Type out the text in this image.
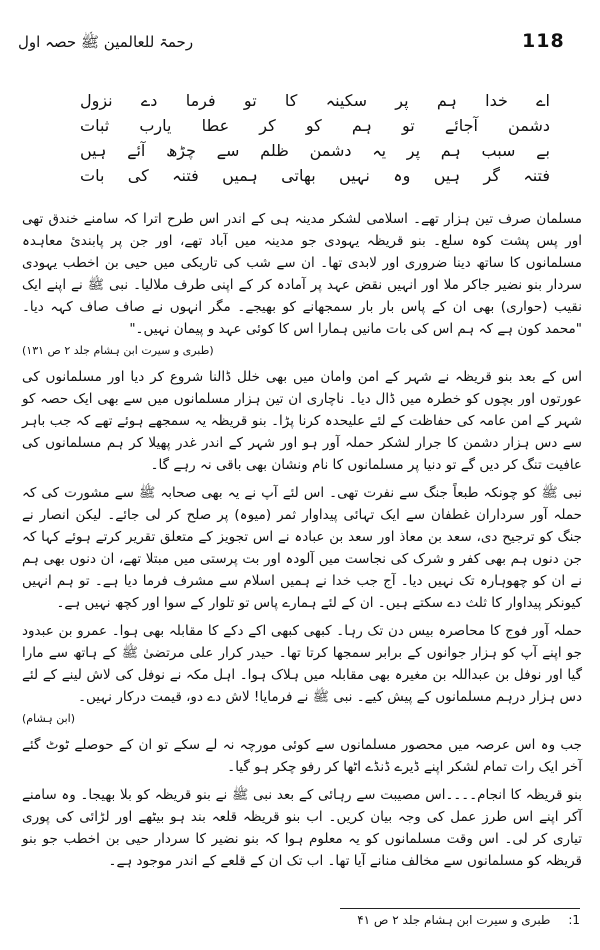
118
رحمۃ للعالمین ﷺ حصہ اول
اے خدا ہم پر سکینہ کا تو فرما دے نزول
دشمن آجائے تو ہم کو کر عطا یارب ثبات
بے سبب ہم پر یہ دشمن ظلم سے چڑھ آئے ہیں
فتنہ گر ہیں وہ نہیں بھاتی ہمیں فتنہ کی بات

مسلمان صرف تین ہزار تھے۔ اسلامی لشکر مدینہ ہی کے اندر اس طرح اترا کہ سامنے خندق تھی اور پس پشت کوہ سلع۔ بنو قریظہ یہودی جو مدینہ میں آباد تھے، اور جن پر پابندئ معاہدہ مسلمانوں کا ساتھ دینا ضروری اور لابدی تھا۔ ان سے شب کی تاریکی میں حیی بن اخطب یہودی سردار بنو نضیر جاکر ملا اور انہیں نقض عہد پر آمادہ کر کے اپنی طرف ملالیا۔ نبی ﷺ نے اپنے ایک نقیب (حواری) بھی ان کے پاس بار بار سمجھانے کو بھیجے۔ مگر انہوں نے صاف صاف کہہ دیا۔ "محمد کون ہے کہ ہم اس کی بات مانیں ہمارا اس کا کوئی عہد و پیمان نہیں۔"

(طبری و سیرت ابن ہشام جلد ۲ ص ۱۳۱)

اس کے بعد بنو قریظہ نے شہر کے امن وامان میں بھی خلل ڈالنا شروع کر دیا اور مسلمانوں کی عورتوں اور بچوں کو خطرہ میں ڈال دیا۔ ناچاری ان تین ہزار مسلمانوں میں سے بھی ایک حصہ کو شہر کے امن عامہ کی حفاظت کے لئے علیحدہ کرنا پڑا۔ بنو قریظہ یہ سمجھے ہوئے تھے کہ جب باہر سے دس ہزار دشمن کا جرار لشکر حملہ آور ہو اور شہر کے اندر غدر پھیلا کر ہم مسلمانوں کی عافیت تنگ کر دیں گے تو دنیا پر مسلمانوں کا نام ونشان بھی باقی نہ رہے گا۔

نبی ﷺ کو چونکہ طبعاً جنگ سے نفرت تھی۔ اس لئے آپ نے یہ بھی صحابہ ﷺ سے مشورت کی کہ حملہ آور سرداران غطفان سے ایک تہائی پیداوار ثمر (میوہ) پر صلح کر لی جائے۔ لیکن انصار نے جنگ کو ترجیح دی، سعد بن معاذ اور سعد بن عبادہ نے اس تجویز کے متعلق تقریر کرتے ہوئے کہا کہ جن دنوں ہم بھی کفر و شرک کی نجاست میں آلودہ اور بت پرستی میں مبتلا تھے، ان دنوں بھی ہم نے ان کو چھوہارہ تک نہیں دیا۔ آج جب خدا نے ہمیں اسلام سے مشرف فرما دیا ہے۔ تو ہم انہیں کیونکر پیداوار کا ثلث دے سکتے ہیں۔ ان کے لئے ہمارے پاس تو تلوار کے سوا اور کچھ نہیں ہے۔

حملہ آور فوج کا محاصرہ بیس دن تک رہا۔ کبھی کبھی اکے دکے کا مقابلہ بھی ہوا۔ عمرو بن عبدود جو اپنے آپ کو ہزار جوانوں کے برابر سمجھا کرتا تھا۔ حیدر کرار علی مرتضیٰ ﷺ کے ہاتھ سے مارا گیا اور نوفل بن عبداللہ بن مغیرہ بھی مقابلہ میں ہلاک ہوا۔ اہل مکہ نے نوفل کی لاش لینے کے لئے دس ہزار درہم مسلمانوں کے پیش کیے۔ نبی ﷺ نے فرمایا! لاش دے دو، قیمت درکار نہیں۔

(ابن ہشام)

جب وہ اس عرصہ میں محصور مسلمانوں سے کوئی مورچہ نہ لے سکے تو ان کے حوصلے ٹوٹ گئے آخر ایک رات تمام لشکر اپنے ڈیرے ڈنڈے اٹھا کر رفو چکر ہو گیا۔

بنو قریظہ کا انجام۔۔۔۔اس مصیبت سے رہائی کے بعد نبی ﷺ نے بنو قریظہ کو بلا بھیجا۔ وہ سامنے آکر اپنے اس طرز عمل کی وجہ بیان کریں۔ اب بنو قریظہ قلعہ بند ہو بیٹھے اور لڑائی کی پوری تیاری کر لی۔ اس وقت مسلمانوں کو یہ معلوم ہوا کہ بنو نضیر کا سردار حیی بن اخطب جو بنو قریظہ کو مسلمانوں سے مخالف منانے آیا تھا۔ اب تک ان کے قلعے کے اندر موجود ہے۔

1: طبری و سیرت ابن ہشام جلد ۲ ص ۴۱
